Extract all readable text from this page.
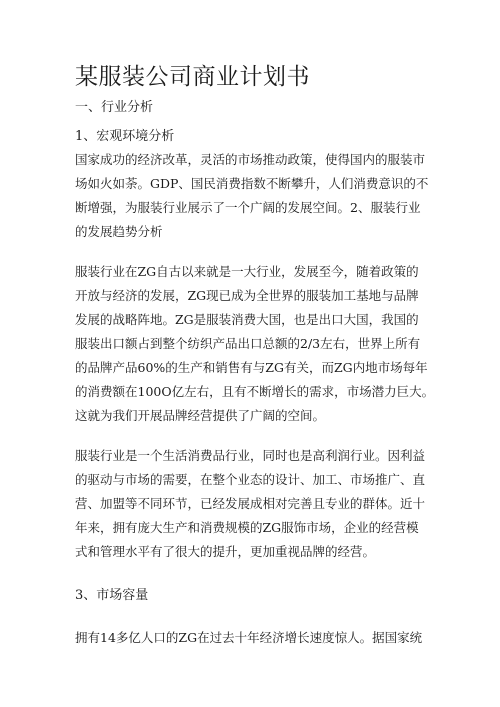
某服装公司商业计划书
一、行业分析
1、宏观环境分析
国家成功的经济改革，灵活的市场推动政策，使得国内的服装市
场如火如荼。GDP、国民消费指数不断攀升，人们消费意识的不
断增强，为服装行业展示了一个广阔的发展空间。2、服装行业
的发展趋势分析
服装行业在ZG自古以来就是一大行业，发展至今，随着政策的
开放与经济的发展，ZG现已成为全世界的服装加工基地与品牌
发展的战略阵地。ZG是服装消费大国，也是出口大国，我国的
服装出口额占到整个纺织产品出口总额的2/3左右，世界上所有
的品牌产品60%的生产和销售有与ZG有关，而ZG内地市场每年
的消费额在100O亿左右，且有不断增长的需求，市场潜力巨大。
这就为我们开展品牌经营提供了广阔的空间。
服装行业是一个生活消费品行业，同时也是高利润行业。因利益
的驱动与市场的需要，在整个业态的设计、加工、市场推广、直
营、加盟等不同环节，已经发展成相对完善且专业的群体。近十
年来，拥有庞大生产和消费规模的ZG服饰市场，企业的经营模
式和管理水平有了很大的提升，更加重视品牌的经营。
3、市场容量
拥有14多亿人口的ZG在过去十年经济增长速度惊人。据国家统
